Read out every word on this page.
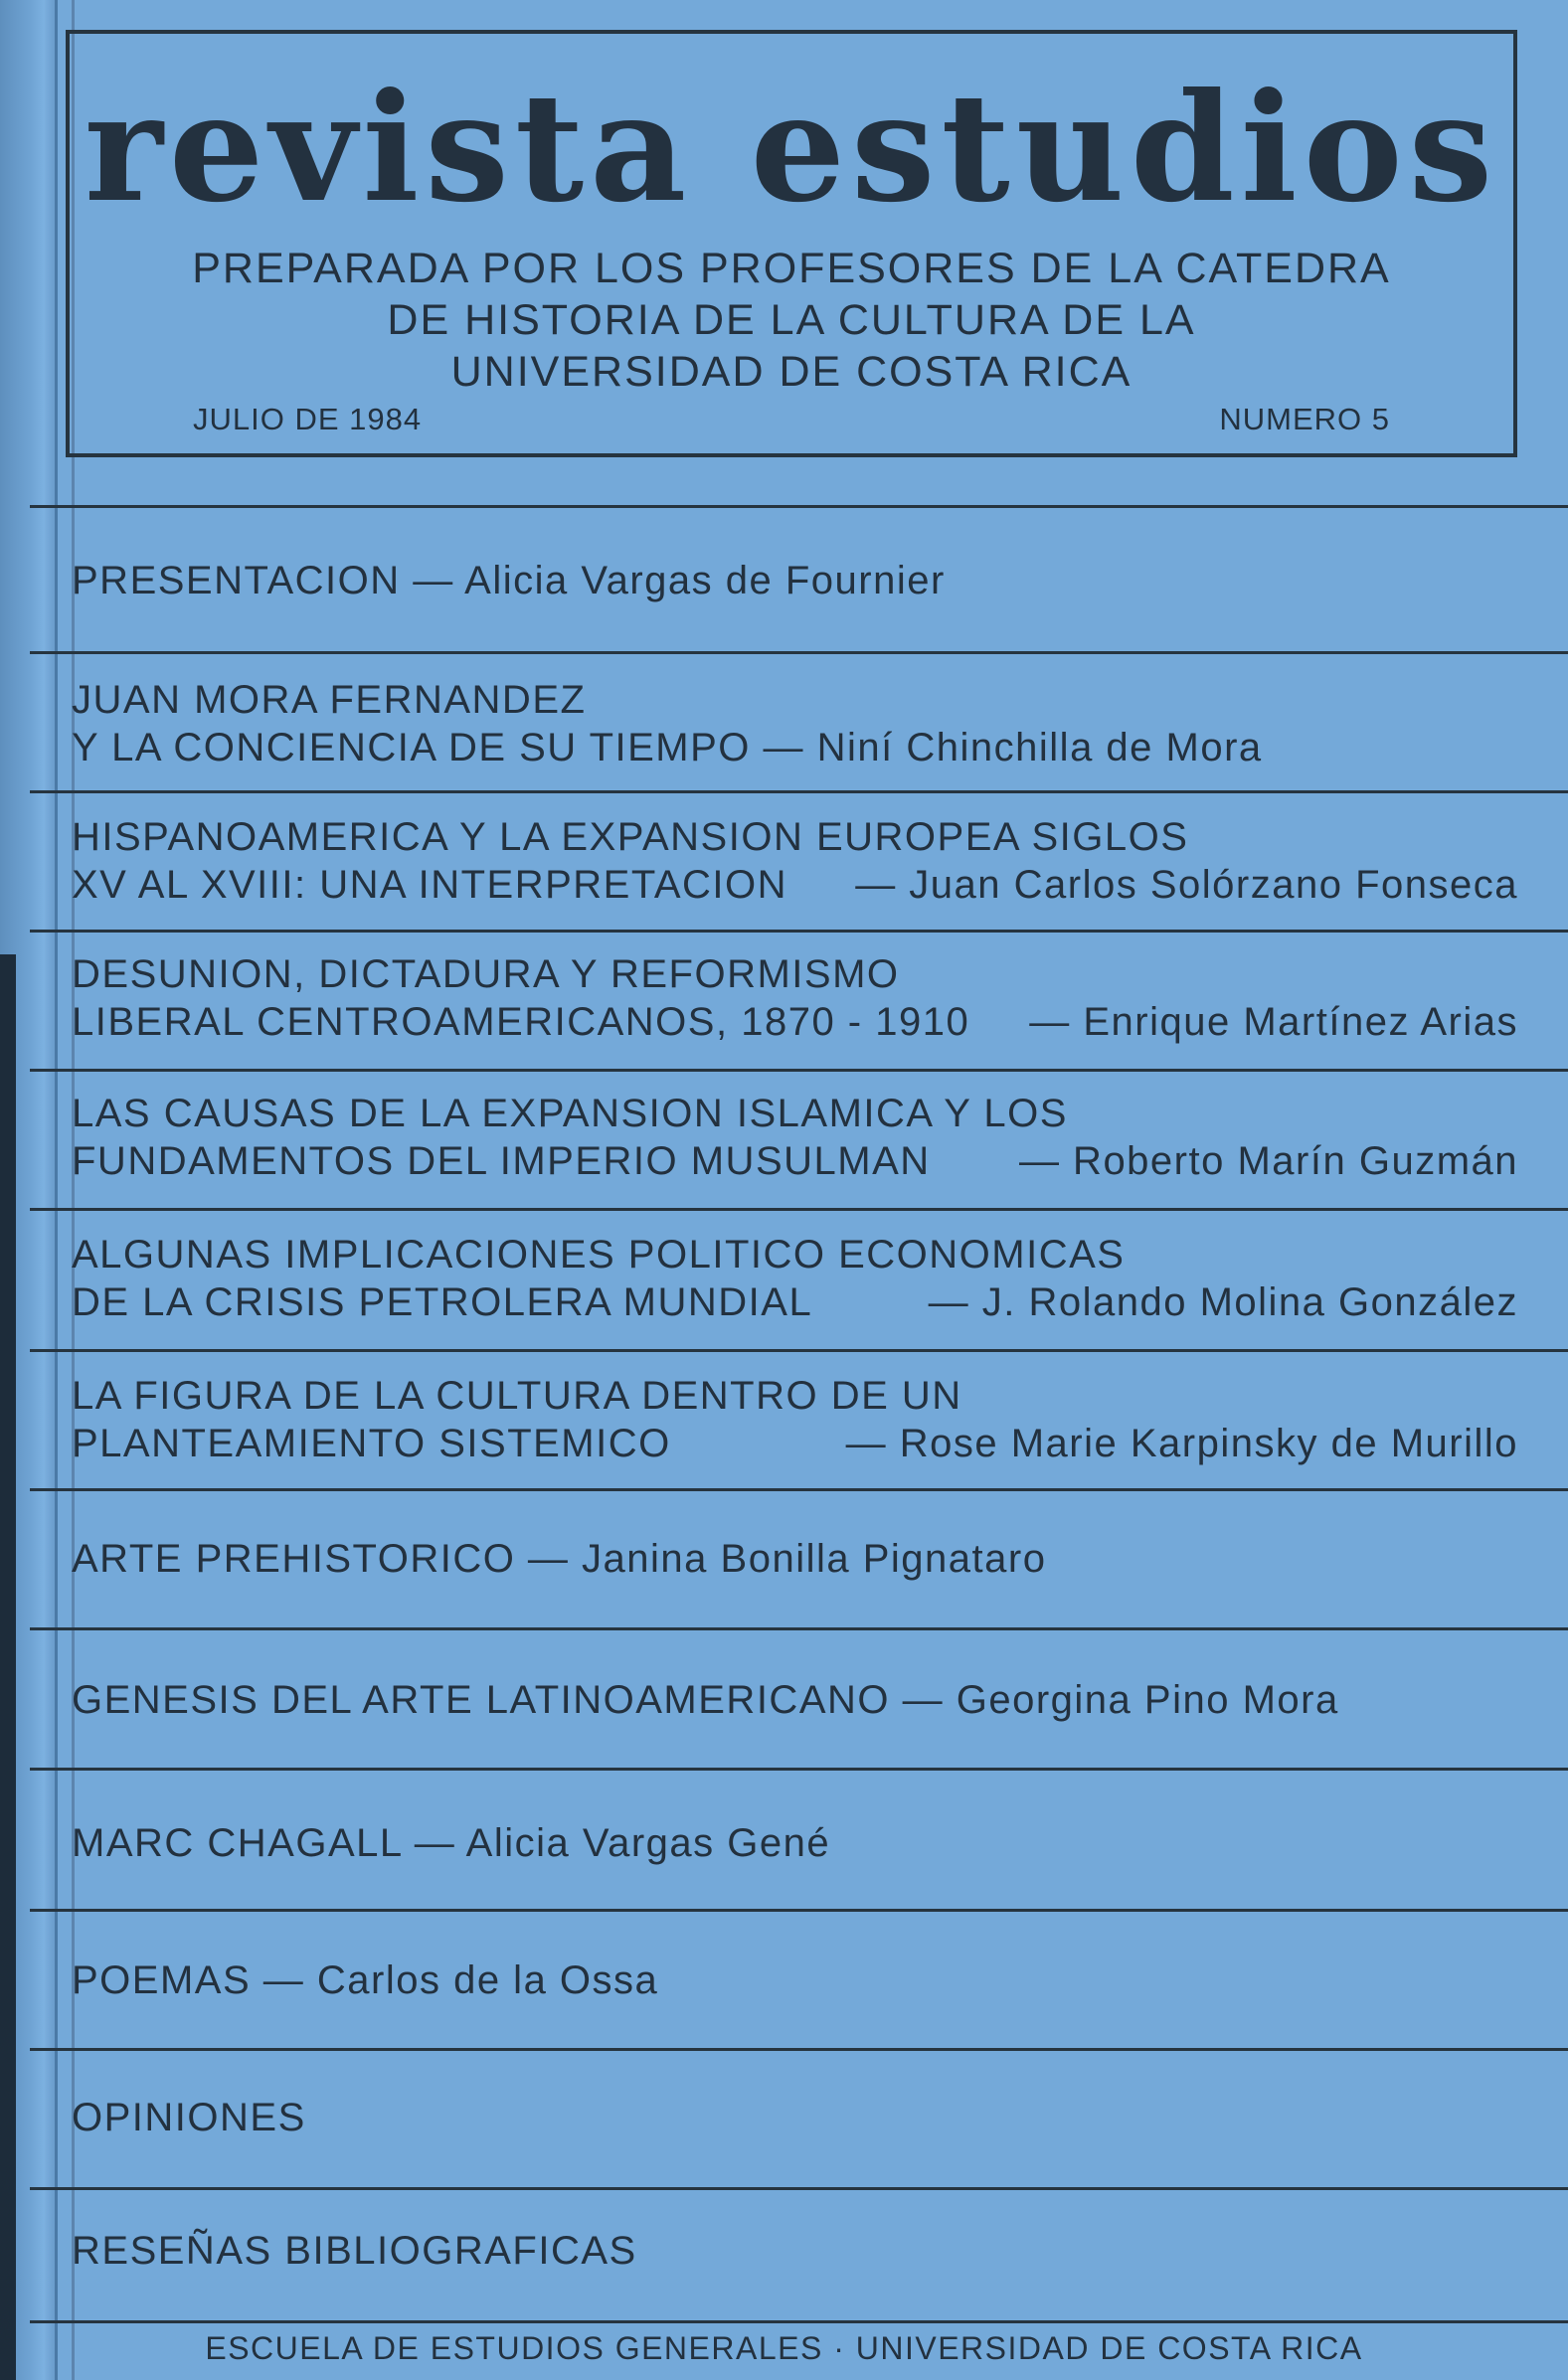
revista estudios
PREPARADA POR LOS PROFESORES DE LA CATEDRA
DE HISTORIA DE LA CULTURA DE LA
UNIVERSIDAD DE COSTA RICA
JULIO DE 1984	NUMERO 5
PRESENTACION — Alicia Vargas de Fournier
JUAN MORA FERNANDEZ
Y LA CONCIENCIA DE SU TIEMPO — Niní Chinchilla de Mora
HISPANOAMERICA Y LA EXPANSION EUROPEA SIGLOS
XV AL XVIII: UNA INTERPRETACION	— Juan Carlos Solórzano Fonseca
DESUNION, DICTADURA Y REFORMISMO
LIBERAL CENTROAMERICANOS, 1870 - 1910 — Enrique Martínez Arias
LAS CAUSAS DE LA EXPANSION ISLAMICA Y LOS
FUNDAMENTOS DEL IMPERIO MUSULMAN	— Roberto Marín Guzmán
ALGUNAS IMPLICACIONES POLITICO ECONOMICAS
DE LA CRISIS PETROLERA MUNDIAL	— J. Rolando Molina González
LA FIGURA DE LA CULTURA DENTRO DE UN
PLANTEAMIENTO SISTEMICO	— Rose Marie Karpinsky de Murillo
ARTE PREHISTORICO — Janina Bonilla Pignataro
GENESIS DEL ARTE LATINOAMERICANO — Georgina Pino Mora
MARC CHAGALL — Alicia Vargas Gené
POEMAS — Carlos de la Ossa
OPINIONES
RESEÑAS BIBLIOGRAFICAS
ESCUELA DE ESTUDIOS GENERALES · UNIVERSIDAD DE COSTA RICA
